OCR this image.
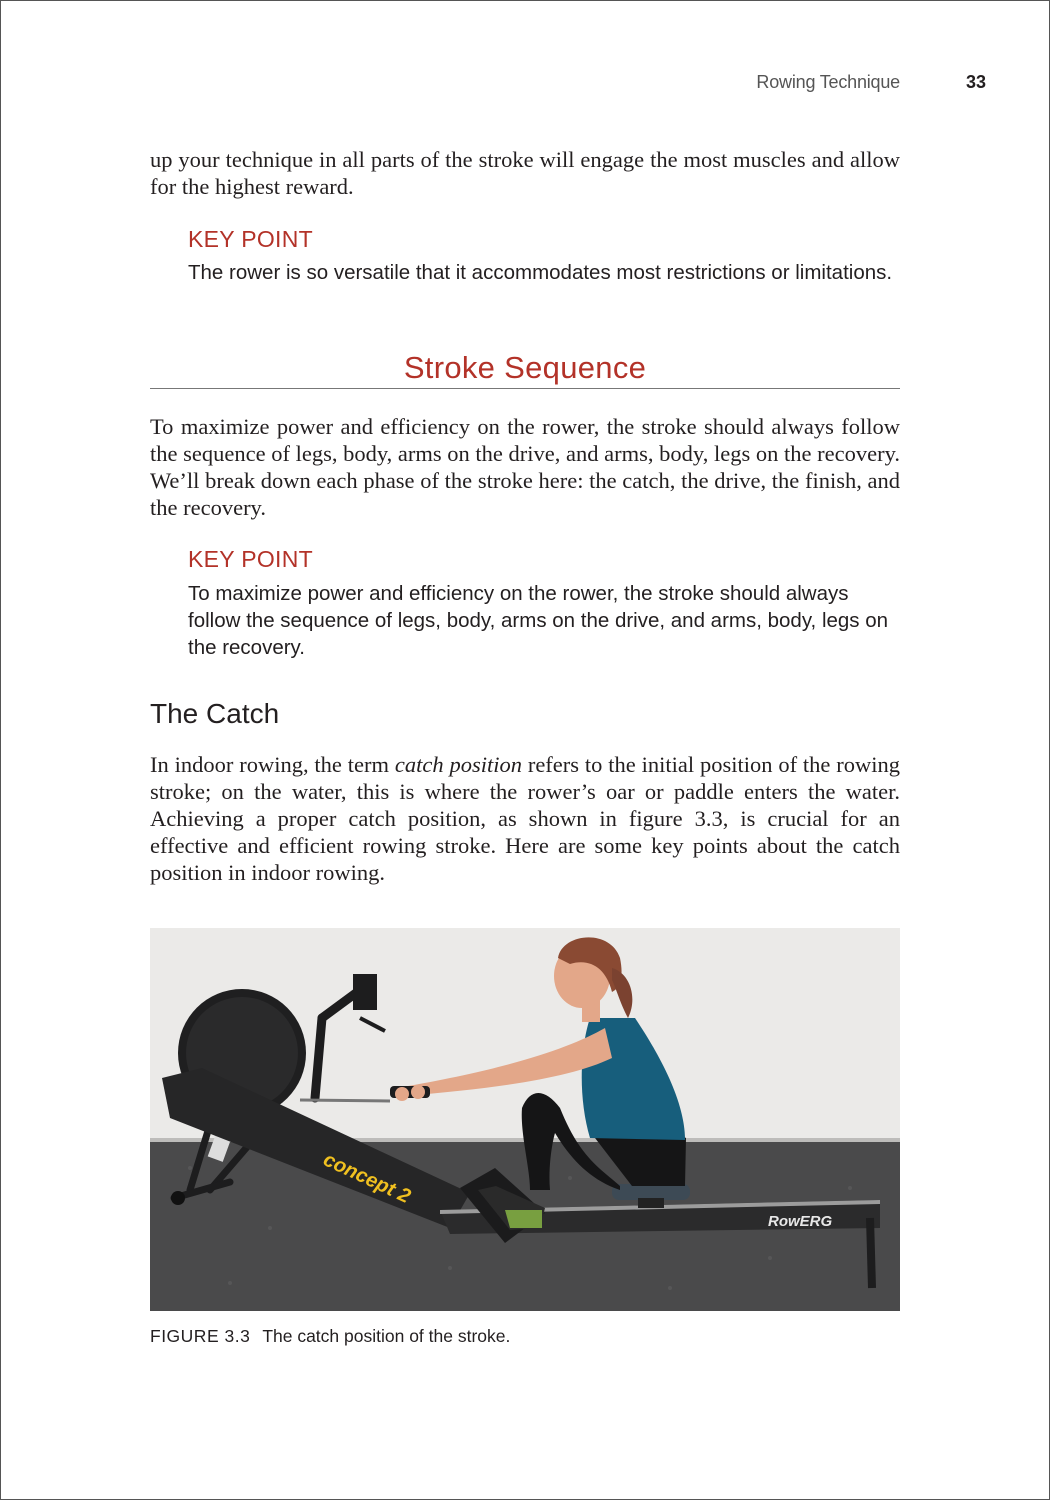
Rowing Technique	33

up your technique in all parts of the stroke will engage the most muscles and allow for the highest reward.

KEY POINT
The rower is so versatile that it accommodates most restrictions or limitations.
Stroke Sequence

To maximize power and efficiency on the rower, the stroke should always follow the sequence of legs, body, arms on the drive, and arms, body, legs on the recovery. We’ll break down each phase of the stroke here: the catch, the drive, the finish, and the recovery.

KEY POINT
To maximize power and efficiency on the rower, the stroke should always follow the sequence of legs, body, arms on the drive, and arms, body, legs on the recovery.
The Catch

In indoor rowing, the term catch position refers to the initial position of the rowing stroke; on the water, this is where the rower’s oar or paddle enters the water. Achieving a proper catch position, as shown in figure 3.3, is crucial for an effective and efficient rowing stroke. Here are some key points about the catch position in indoor rowing.

concept 2
RowERG
FIGURE 3.3 The catch position of the stroke.
